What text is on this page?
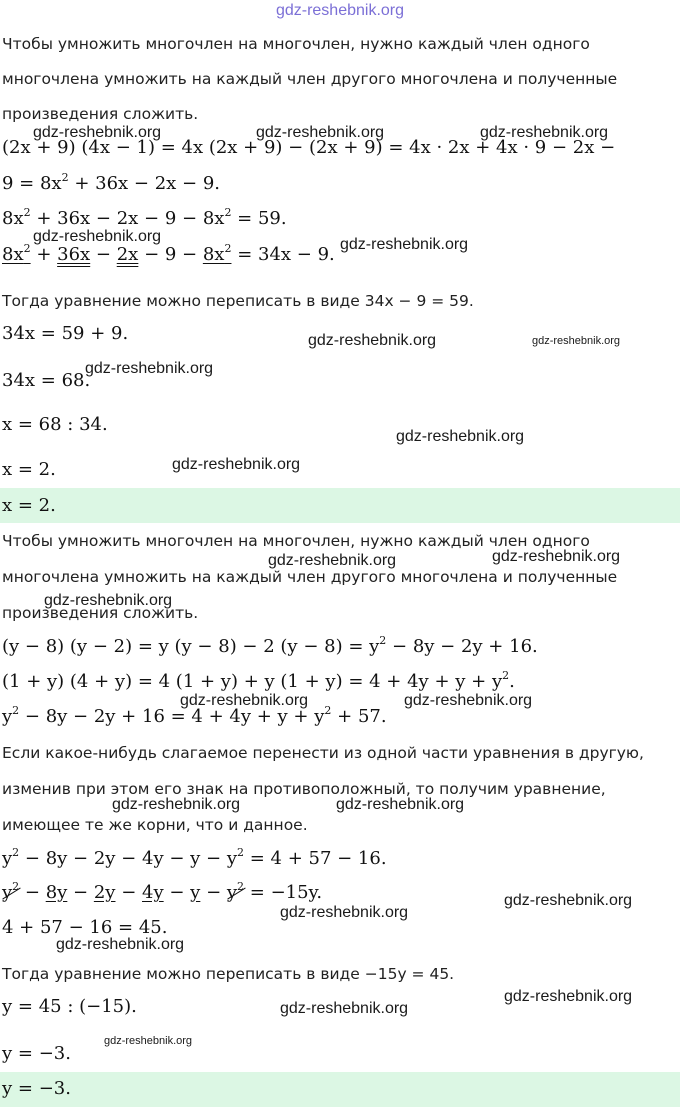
gdz-reshebnik.org
Чтобы умножить многочлен на многочлен, нужно каждый член одного
многочлена умножить на каждый член другого многочлена и полученные
произведения сложить.
(2x + 9) (4x − 1) = 4x (2x + 9) − (2x + 9) = 4x · 2x + 4x · 9 − 2x −
$9 = 8x^2 + 36x - 2x - 9$.
$8x^2 + 36x - 2x - 9 - 8x^2 = 59$.
$8x^2 + 36x - 2x - 9 - 8x^2 = 34x - 9$.
Тогда уравнение можно переписать в виде 34x − 9 = 59.
34x = 59 + 9.
34x = 68.
x = 68 : 34.
x = 2.
x = 2.
Чтобы умножить многочлен на многочлен, нужно каждый член одного
многочлена умножить на каждый член другого многочлена и полученные
произведения сложить.
(y − 8) (y − 2) = y (y − 8) − 2 $(y - 8) = y^2 - 8y - 2y + 16$.
(1 + y) (4 + y) = 4 (1 + y) + y $(1 + y) = 4 + 4y + y + y^2$.
$y^2 - 8y - 2y + 16 = 4 + 4y + y + y^2 + 57$.
Если какое-нибудь слагаемое перенести из одной части уравнения в другую,
изменив при этом его знак на противоположный, то получим уравнение,
имеющее те же корни, что и данное.
$y^2 - 8y - 2y - 4y - y - y^2 = 4 + 57 - 16$.
$y^2 - 8y - 2y - 4y - y - y^2 = -15y$.
4 + 57 − 16 = 45.
Тогда уравнение можно переписать в виде −15y = 45.
y = 45 : (−15).
y = −3.
y = −3.
gdz-reshebnik.org	gdz-reshebnik.org	gdz-reshebnik.org
gdz-reshebnik.org	gdz-reshebnik.org
gdz-reshebnik.org	gdz-reshebnik.org
gdz-reshebnik.org
gdz-reshebnik.org
gdz-reshebnik.org
gdz-reshebnik.org	gdz-reshebnik.org
gdz-reshebnik.org
gdz-reshebnik.org	gdz-reshebnik.org
gdz-reshebnik.org	gdz-reshebnik.org
gdz-reshebnik.org
gdz-reshebnik.org
gdz-reshebnik.org
gdz-reshebnik.org
gdz-reshebnik.org
gdz-reshebnik.org
